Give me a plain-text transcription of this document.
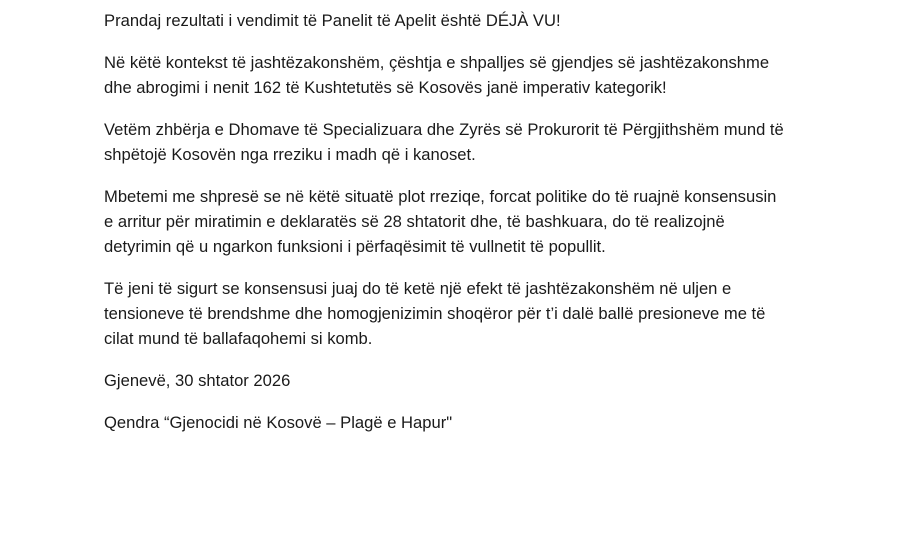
Prandaj rezultati i vendimit të Panelit të Apelit është DÉJÀ VU!

Në këtë kontekst të jashtëzakonshëm, çështja e shpalljes së gjendjes së jashtëzakonshme
dhe abrogimi i nenit 162 të Kushtetutës së Kosovës janë imperativ kategorik!

Vetëm zhbërja e Dhomave të Specializuara dhe Zyrës së Prokurorit të Përgjithshëm mund të
shpëtojë Kosovën nga rreziku i madh që i kanoset.

Mbetemi me shpresë se në këtë situatë plot rreziqe, forcat politike do të ruajnë konsensusin
e arritur për miratimin e deklaratës së 28 shtatorit dhe, të bashkuara, do të realizojnë
detyrimin që u ngarkon funksioni i përfaqësimit të vullnetit të popullit.

Të jeni të sigurt se konsensusi juaj do të ketë një efekt të jashtëzakonshëm në uljen e
tensioneve të brendshme dhe homogjenizimin shoqëror për t’i dalë ballë presioneve me të
cilat mund të ballafaqohemi si komb.

Gjenevë, 30 shtator 2026

Qendra “Gjenocidi në Kosovë – Plagë e Hapur"
